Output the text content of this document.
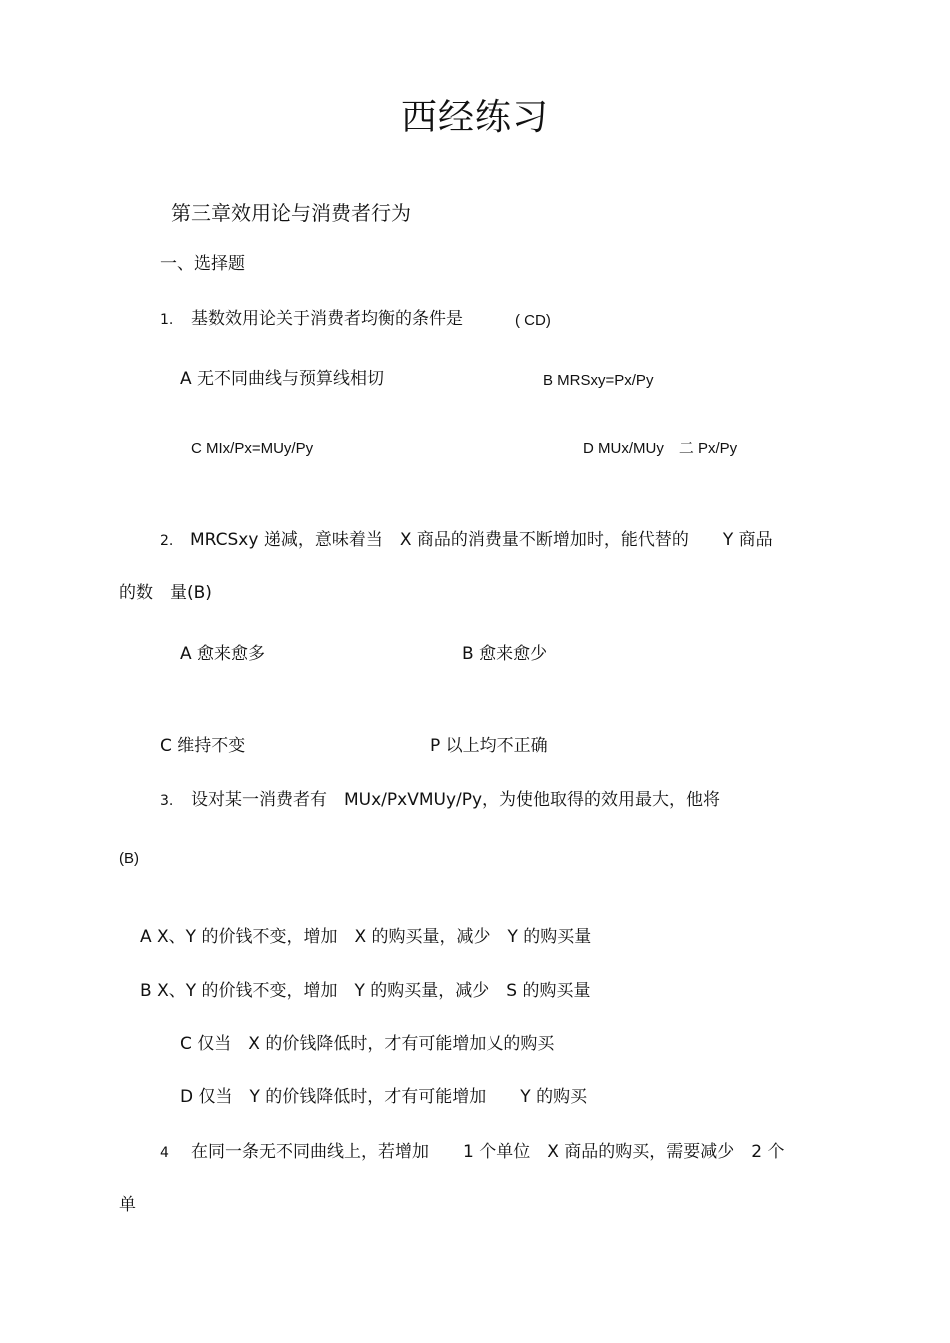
西经练习
第三章效用论与消费者行为
一、选择题
1. 基数效用论关于消费者均衡的条件是	( CD)
A 无不同曲线与预算线相切	B MRSxy=Px/Py
C MIx/Px=MUy/Py	D MUx/MUy　二 Px/Py
2. MRCSxy 递减，意味着当　X 商品的消费量不断增加时，能代替的　　Y 商品
的数　量(B)
A 愈来愈多	B 愈来愈少
C 维持不变	P 以上均不正确
3. 设对某一消费者有　MUx/PxVMUy/Py，为使他取得的效用最大，他将
(B)
A X、Y 的价钱不变，增加　X 的购买量，减少　Y 的购买量
B X、Y 的价钱不变，增加　Y 的购买量，减少　S 的购买量
C 仅当　X 的价钱降低时，才有可能增加乂的购买
D 仅当　Y 的价钱降低时，才有可能增加　　Y 的购买
4 在同一条无不同曲线上，若增加　　1 个单位　X 商品的购买，需要减少　2 个
单
